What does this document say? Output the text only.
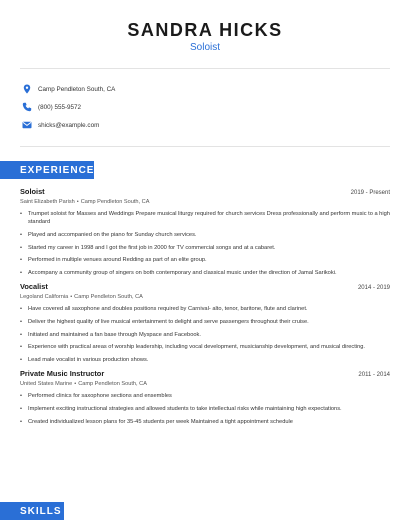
SANDRA HICKS
Soloist
Camp Pendleton South, CA
(800) 555-9572
shicks@example.com
EXPERIENCE
Soloist	2019 - Present
Saint Elizabeth Parish • Camp Pendleton South, CA
• Trumpet soloist for Masses and Weddings Prepare musical liturgy required for church services Dress professionally and perform music to a high standard
• Played and accompanied on the piano for Sunday church services.
• Started my career in 1998 and I got the first job in 2000 for TV commercial songs and at a cabaret.
• Performed in multiple venues around Redding as part of an elite group.
• Accompany a community group of singers on both contemporary and classical music under the direction of Jamal Sarikoki.
Vocalist	2014 - 2019
Legoland California • Camp Pendleton South, CA
• Have covered all saxophone and doubles positions required by Carnival- alto, tenor, baritone, flute and clarinet.
• Deliver the highest quality of live musical entertainment to delight and serve passengers throughout their cruise.
• Initiated and maintained a fan base through Myspace and Facebook.
• Experience with practical areas of worship leadership, including vocal development, musicianship development, and musical directing.
• Lead male vocalist in various production shows.
Private Music Instructor	2011 - 2014
United States Marine • Camp Pendleton South, CA
• Performed clinics for saxophone sections and ensembles
• Implement exciting instructional strategies and allowed students to take intellectual risks while maintaining high expectations.
• Created individualized lesson plans for 35-45 students per week Maintained a tight appointment schedule
SKILLS
